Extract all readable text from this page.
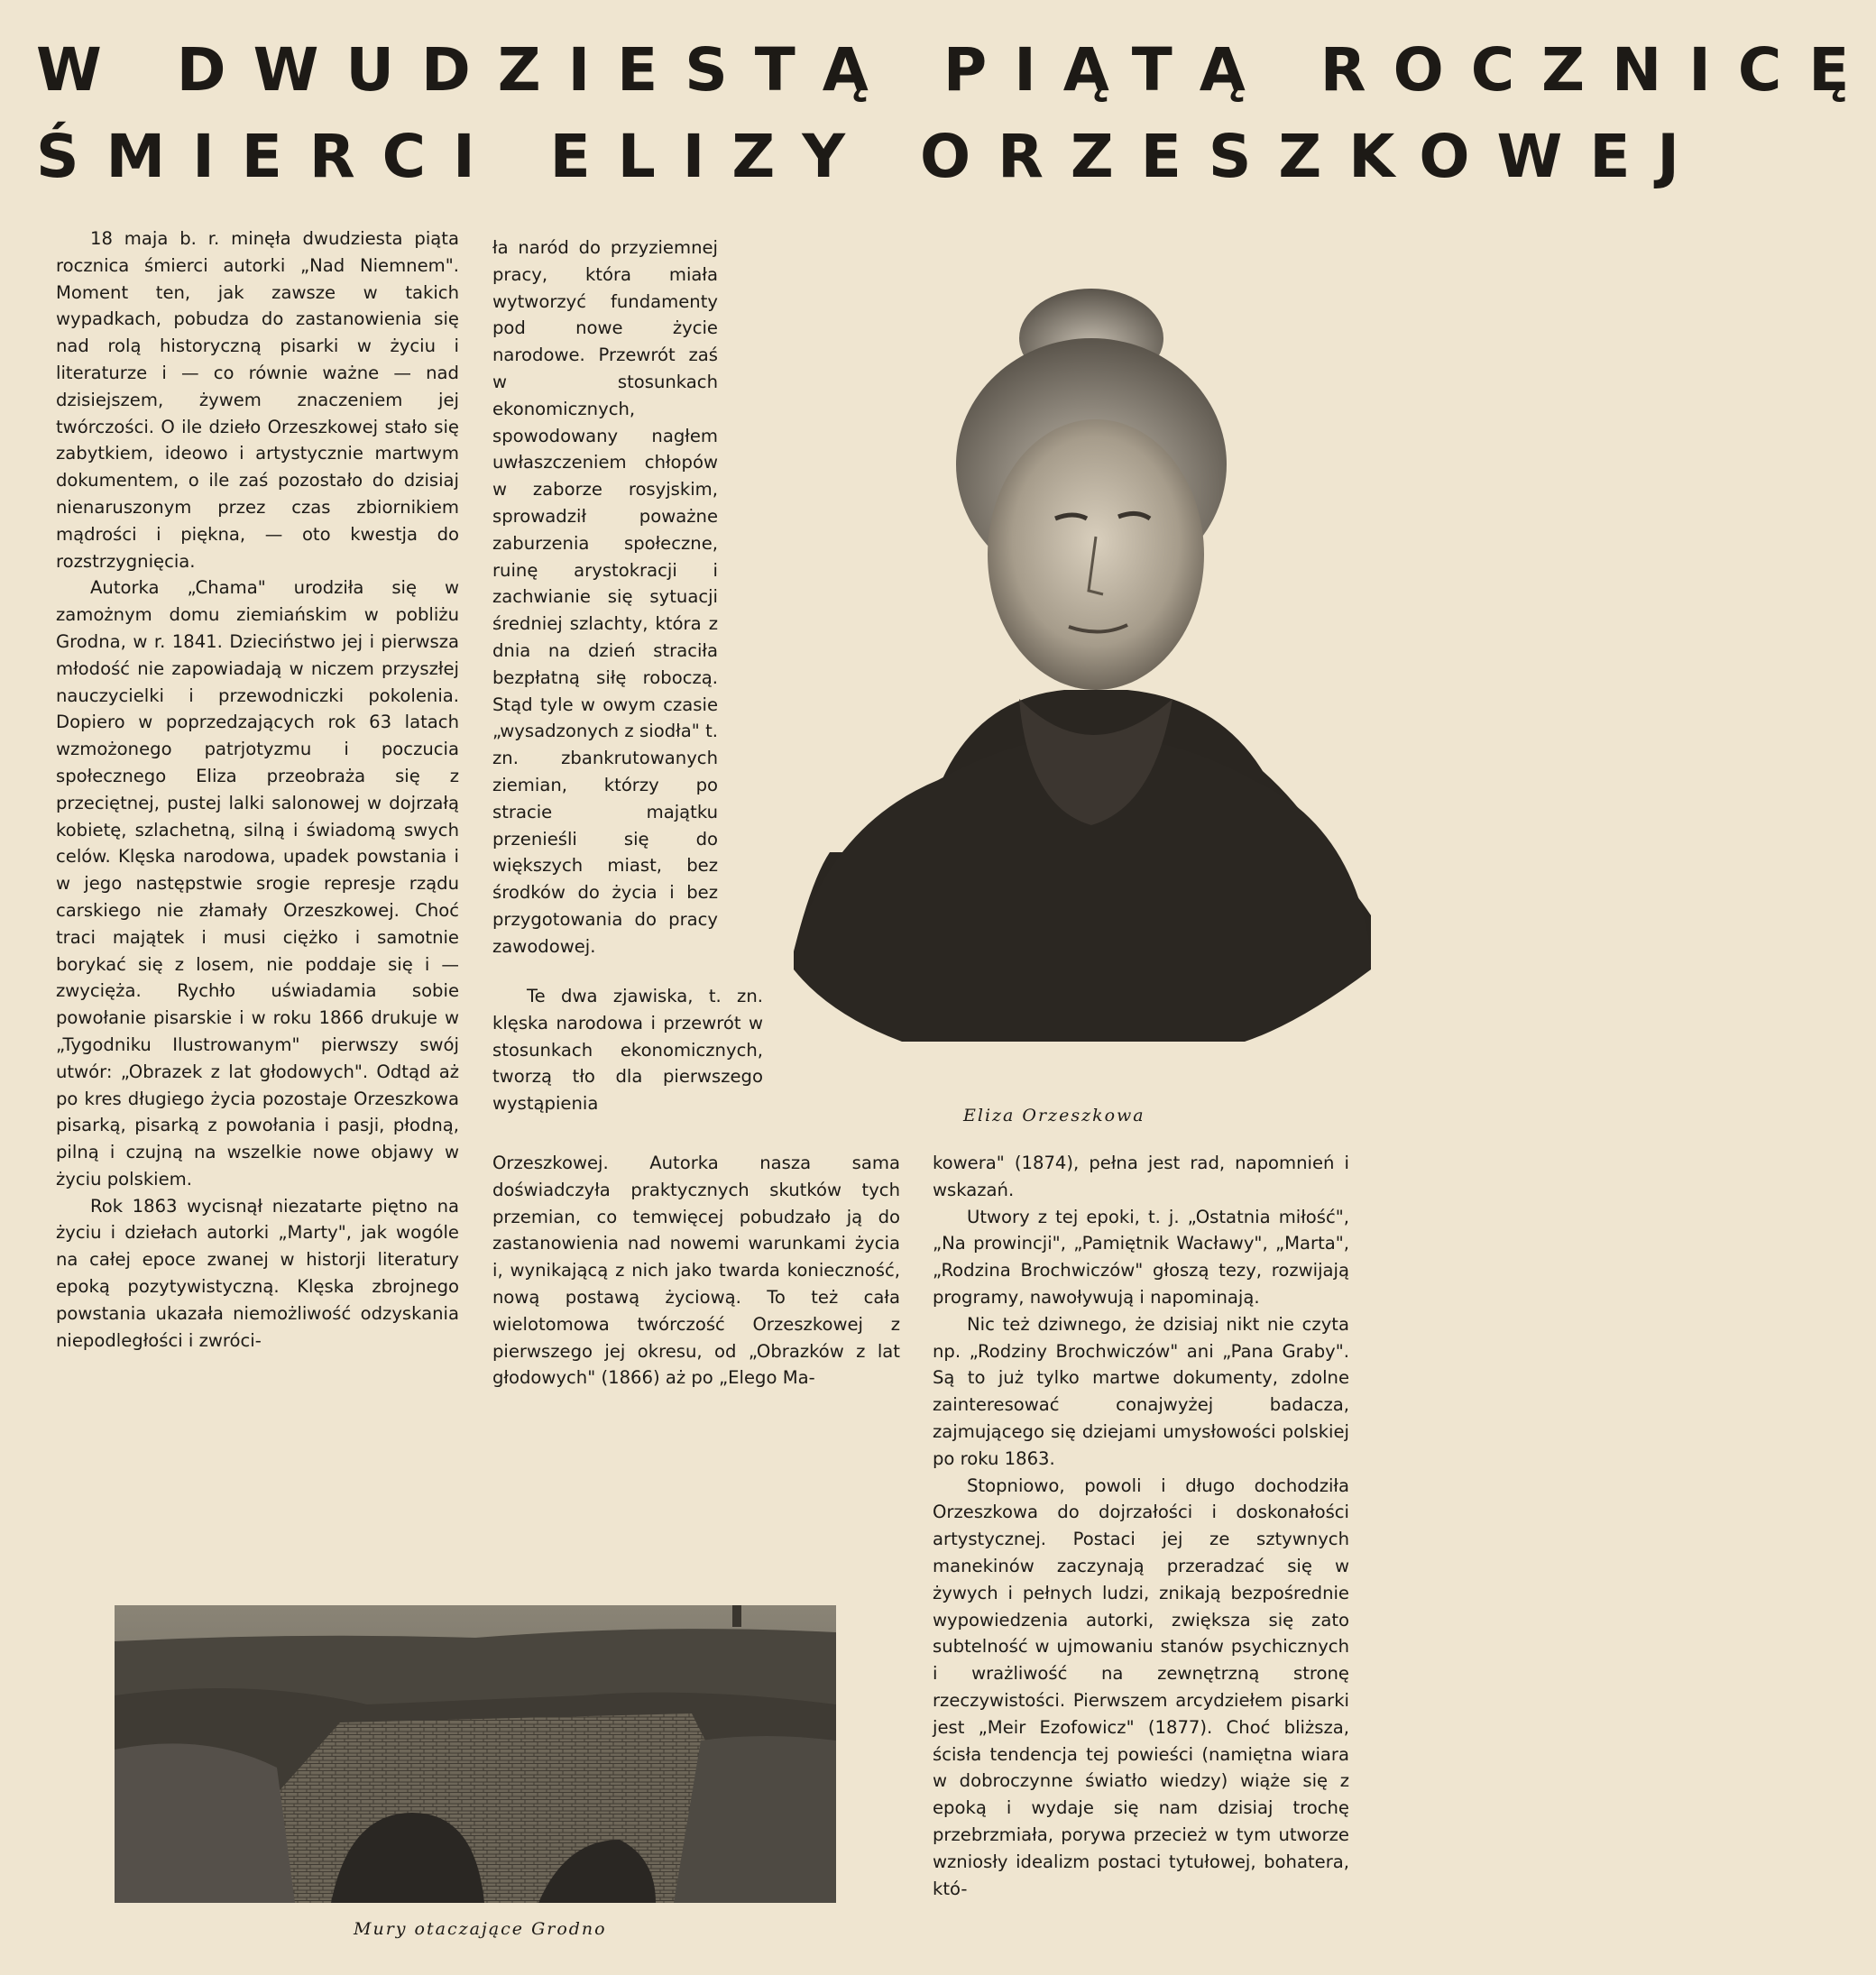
W DWUDZIESTĄ PIĄTĄ ROCZNICĘ
ŚMIERCI ELIZY ORZESZKOWEJ

18 maja b. r. minęła dwudziesta piąta rocznica śmierci autorki „Nad Niemnem". Moment ten, jak zawsze w takich wypadkach, pobudza do zastanowienia się nad rolą historyczną pisarki w życiu i literaturze i — co równie ważne — nad dzisiejszem, żywem znaczeniem jej twórczości. O ile dzieło Orzeszkowej stało się zabytkiem, ideowo i artystycznie martwym dokumentem, o ile zaś pozostało do dzisiaj nienaruszonym przez czas zbiornikiem mądrości i piękna, — oto kwestja do rozstrzygnięcia.

Autorka „Chama" urodziła się w zamożnym domu ziemiańskim w pobliżu Grodna, w r. 1841. Dzieciństwo jej i pierwsza młodość nie zapowiadają w niczem przyszłej nauczycielki i przewodniczki pokolenia. Dopiero w poprzedzających rok 63 latach wzmożonego patrjotyzmu i poczucia społecznego Eliza przeobraża się z przeciętnej, pustej lalki salonowej w dojrzałą kobietę, szlachetną, silną i świadomą swych celów. Klęska narodowa, upadek powstania i w jego następstwie srogie represje rządu carskiego nie złamały Orzeszkowej. Choć traci majątek i musi ciężko i samotnie borykać się z losem, nie poddaje się i — zwycięża. Rychło uświadamia sobie powołanie pisarskie i w roku 1866 drukuje w „Tygodniku Ilustrowanym" pierwszy swój utwór: „Obrazek z lat głodowych". Odtąd aż po kres długiego życia pozostaje Orzeszkowa pisarką, pisarką z powołania i pasji, płodną, pilną i czujną na wszelkie nowe objawy w życiu polskiem.

Rok 1863 wycisnął niezatarte piętno na życiu i dziełach autorki „Marty", jak wogóle na całej epoce zwanej w historji literatury epoką pozytywistyczną. Klęska zbrojnego powstania ukazała niemożliwość odzyskania niepodległości i zwróci-

ła naród do przyziemnej pracy, która miała wytworzyć fundamenty pod nowe życie narodowe. Przewrót zaś w stosunkach ekonomicznych, spowodowany nagłem uwłaszczeniem chłopów w zaborze rosyjskim, sprowadził poważne zaburzenia społeczne, ruinę arystokracji i zachwianie się sytuacji średniej szlachty, która z dnia na dzień straciła bezpłatną siłę roboczą. Stąd tyle w owym czasie „wysadzonych z siodła" t. zn. zbankrutowanych ziemian, którzy po stracie majątku przenieśli się do większych miast, bez środków do życia i bez przygotowania do pracy zawodowej.

Te dwa zjawiska, t. zn. klęska narodowa i przewrót w stosunkach ekonomicznych, tworzą tło dla pierwszego wystąpienia

Orzeszkowej. Autorka nasza sama doświadczyła praktycznych skutków tych przemian, co temwięcej pobudzało ją do zastanowienia nad nowemi warunkami życia i, wynikającą z nich jako twarda konieczność, nową postawą życiową. To też cała wielotomowa twórczość Orzeszkowej z pierwszego jej okresu, od „Obrazków z lat głodowych" (1866) aż po „Elego Ma-

kowera" (1874), pełna jest rad, napomnień i wskazań.

Utwory z tej epoki, t. j. „Ostatnia miłość", „Na prowincji", „Pamiętnik Wacławy", „Marta", „Rodzina Brochwiczów" głoszą tezy, rozwijają programy, nawoływują i napominają.

Nic też dziwnego, że dzisiaj nikt nie czyta np. „Rodziny Brochwiczów" ani „Pana Graby". Są to już tylko martwe dokumenty, zdolne zainteresować conajwyżej badacza, zajmującego się dziejami umysłowości polskiej po roku 1863.

Stopniowo, powoli i długo dochodziła Orzeszkowa do dojrzałości i doskonałości artystycznej. Postaci jej ze sztywnych manekinów zaczynają przeradzać się w żywych i pełnych ludzi, znikają bezpośrednie wypowiedzenia autorki, zwiększa się zato subtelność w ujmowaniu stanów psychicznych i wrażliwość na zewnętrzną stronę rzeczywistości. Pierwszem arcydziełem pisarki jest „Meir Ezofowicz" (1877). Choć bliższa, ścisła tendencja tej powieści (namiętna wiara w dobroczynne światło wiedzy) wiąże się z epoką i wydaje się nam dzisiaj trochę przebrzmiała, porywa przecież w tym utworze wzniosły idealizm postaci tytułowej, bohatera, któ-

Eliza Orzeszkowa
Mury otaczające Grodno
